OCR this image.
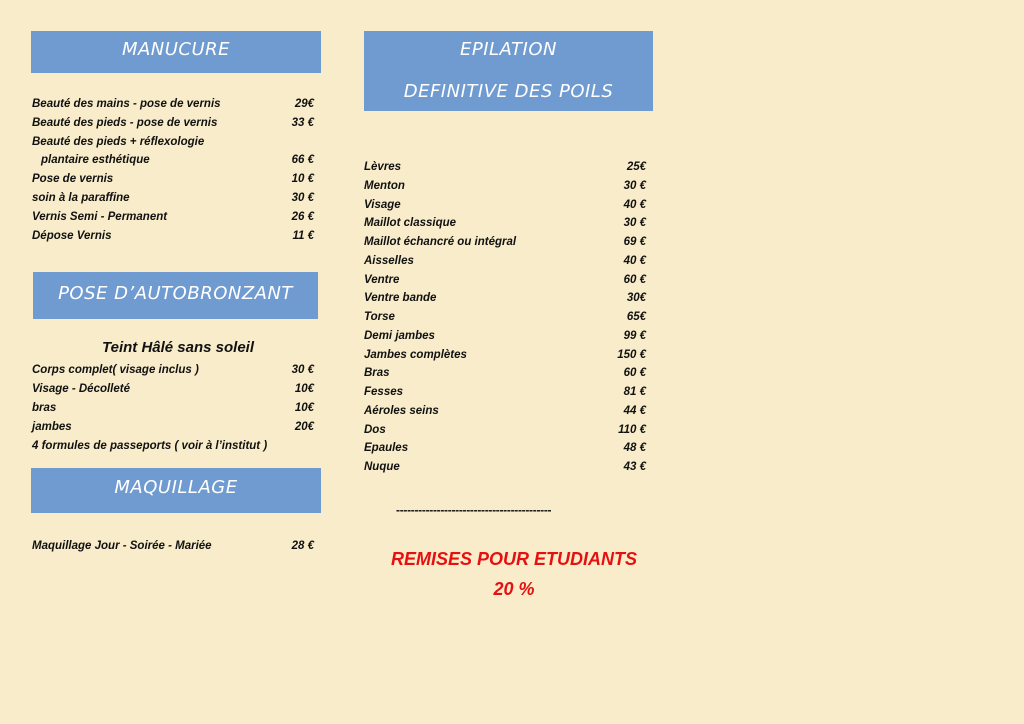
MANUCURE
Beauté des mains - pose de vernis	29€
Beauté des pieds - pose de vernis	33 €
Beauté des pieds + réflexologie
plantaire esthétique	66 €
Pose de vernis	10 €
soin à la paraffine	30 €
Vernis Semi - Permanent	26 €
Dépose Vernis	11 €
POSE D’AUTOBRONZANT
Teint Hâlé sans soleil
Corps complet( visage inclus )	30 €
Visage - Décolleté	10€
bras	10€
jambes	20€
4 formules de passeports ( voir à l’institut )
MAQUILLAGE
Maquillage Jour - Soirée - Mariée	28 €
EPILATION
DEFINITIVE DES POILS
Lèvres	25€
Menton	30 €
Visage	40 €
Maillot classique	30 €
Maillot échancré ou intégral	69 €
Aisselles	40 €
Ventre	60 €
Ventre bande	30€
Torse	65€
Demi jambes	99 €
Jambes complètes	150 €
Bras	60 €
Fesses	81 €
Aéroles seins	44 €
Dos	110 €
Epaules	48 €
Nuque	43 €
------------------------------------------
REMISES POUR ETUDIANTS
20 %
